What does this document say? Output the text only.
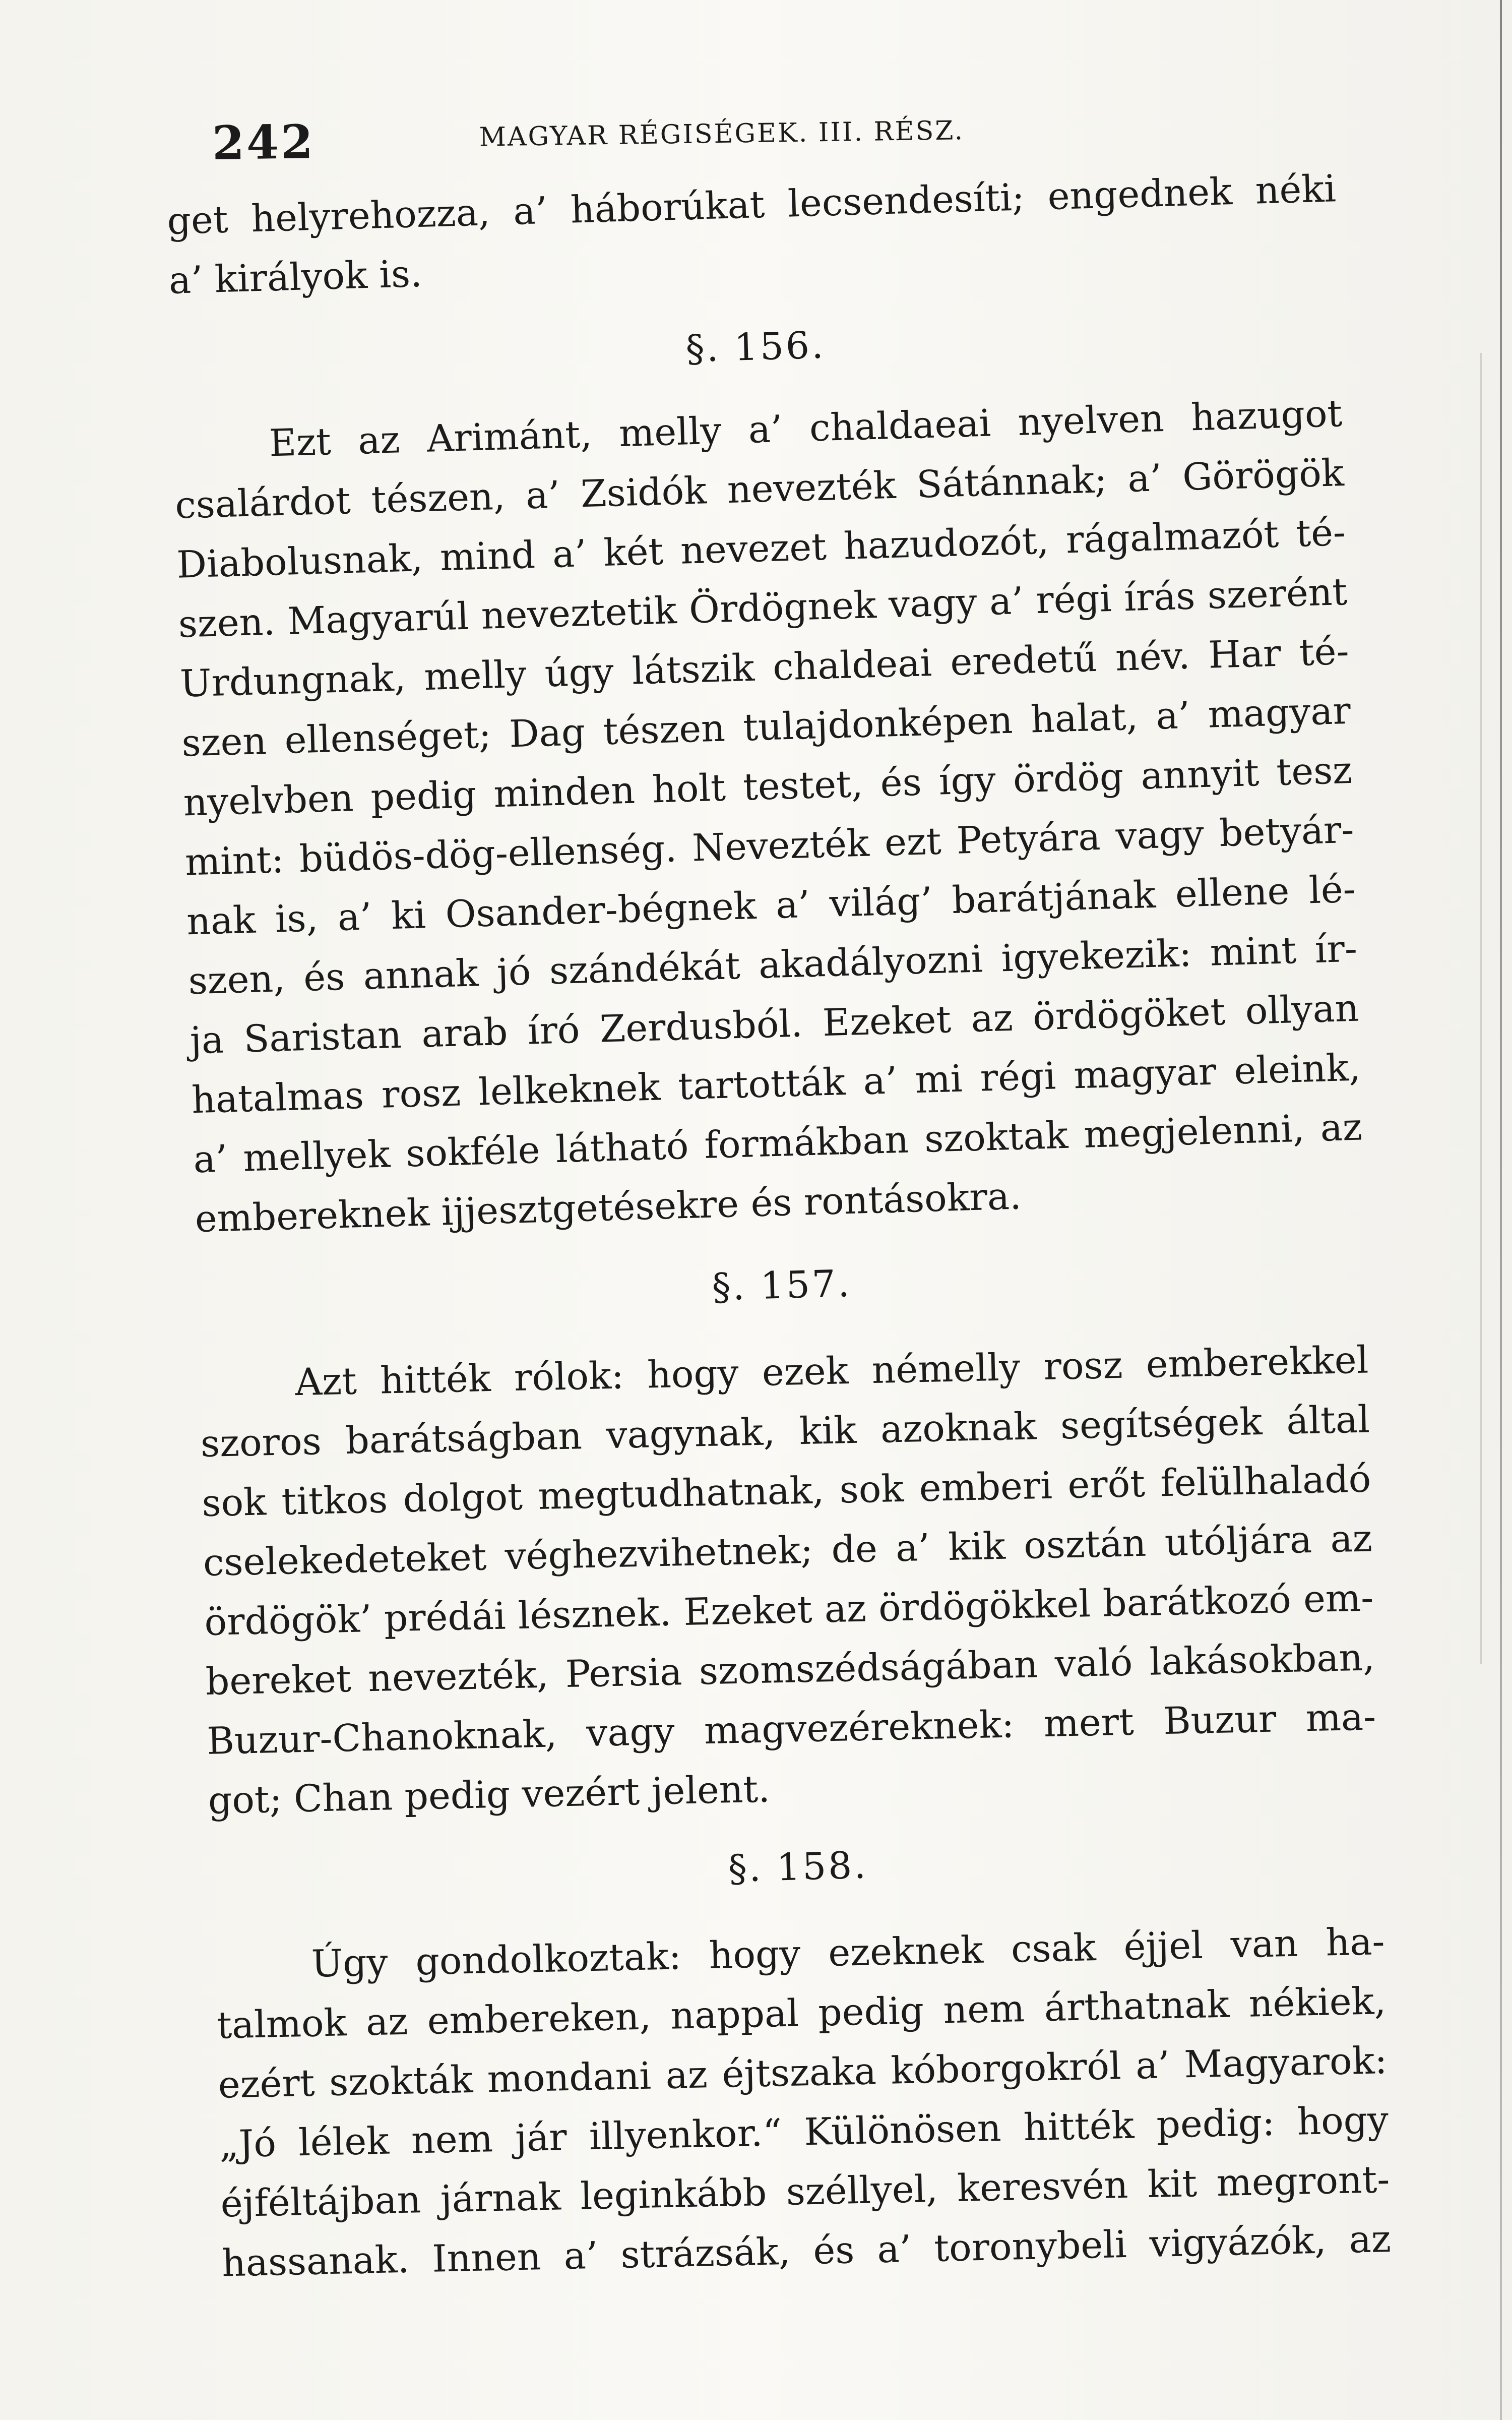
242	MAGYAR RÉGISÉGEK. III. RÉSZ.
get helyrehozza, a’ háborúkat lecsendesíti; engednek néki
a’ királyok is.
§. 156.
Ezt az Arimánt, melly a’ chaldaeai nyelven hazugot
csalárdot tészen, a’ Zsidók nevezték Sátánnak; a’ Görögök
Diabolusnak, mind a’ két nevezet hazudozót, rágalmazót té-
szen. Magyarúl neveztetik Ördögnek vagy a’ régi írás szerént
Urdungnak, melly úgy látszik chaldeai eredetű név. Har té-
szen ellenséget; Dag tészen tulajdonképen halat, a’ magyar
nyelvben pedig minden holt testet, és így ördög annyit tesz
mint: büdös-dög-ellenség. Nevezték ezt Petyára vagy betyár-
nak is, a’ ki Osander-bégnek a’ világ’ barátjának ellene lé-
szen, és annak jó szándékát akadályozni igyekezik: mint ír-
ja Saristan arab író Zerdusból. Ezeket az ördögöket ollyan
hatalmas rosz lelkeknek tartották a’ mi régi magyar eleink,
a’ mellyek sokféle látható formákban szoktak megjelenni, az
embereknek ijjesztgetésekre és rontásokra.
§. 157.
Azt hitték rólok: hogy ezek némelly rosz emberekkel
szoros barátságban vagynak, kik azoknak segítségek által
sok titkos dolgot megtudhatnak, sok emberi erőt felülhaladó
cselekedeteket véghezvihetnek; de a’ kik osztán utóljára az
ördögök’ prédái lésznek. Ezeket az ördögökkel barátkozó em-
bereket nevezték, Persia szomszédságában való lakásokban,
Buzur-Chanoknak, vagy magvezéreknek: mert Buzur ma-
got; Chan pedig vezért jelent.
§. 158.
Úgy gondolkoztak: hogy ezeknek csak éjjel van ha-
talmok az embereken, nappal pedig nem árthatnak nékiek,
ezért szokták mondani az éjtszaka kóborgokról a’ Magyarok:
„Jó lélek nem jár illyenkor.“ Különösen hitték pedig: hogy
éjféltájban járnak leginkább széllyel, keresvén kit megront-
hassanak. Innen a’ strázsák, és a’ toronybeli vigyázók, az
